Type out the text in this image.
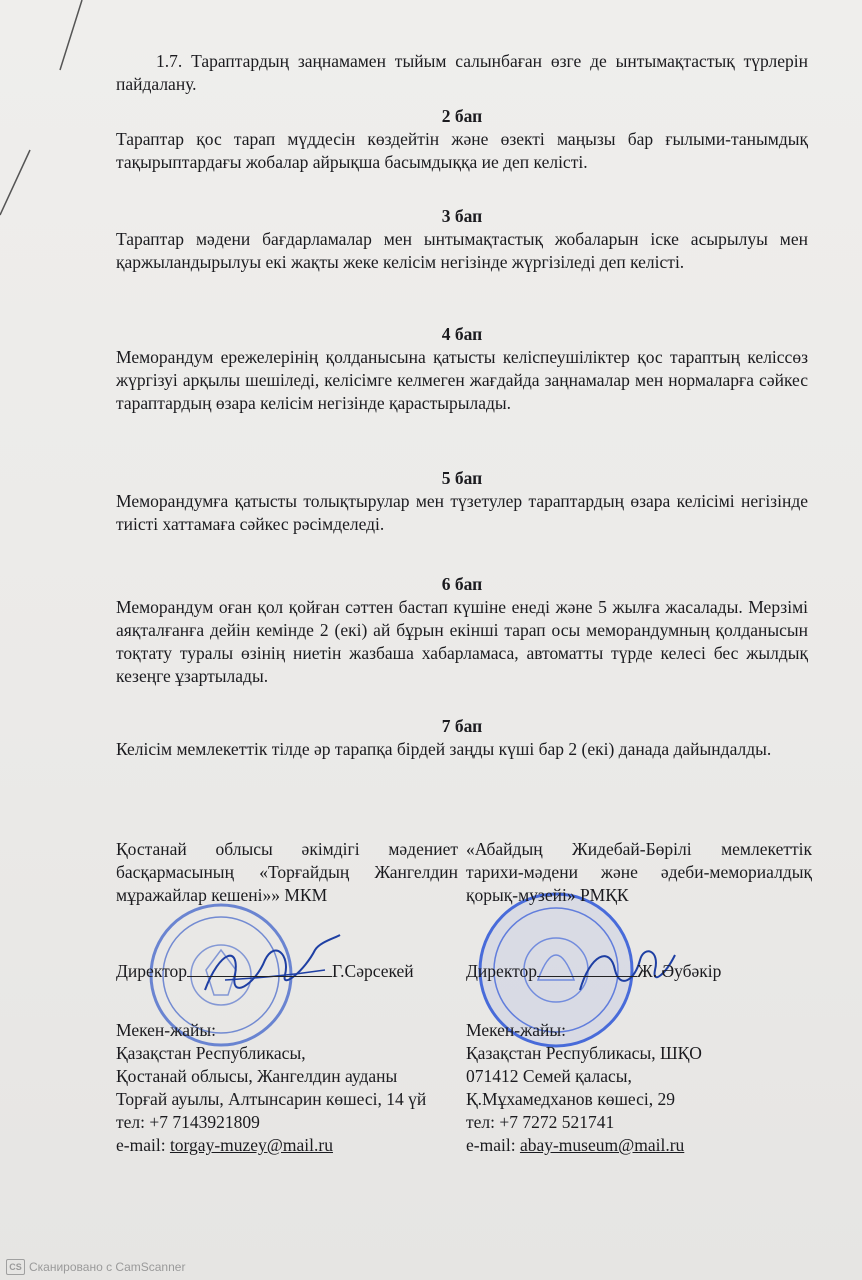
1.7. Тараптардың заңнамамен тыйым салынбаған өзге де ынтымақтастық түрлерін пайдалану.
2 бап
Тараптар қос тарап мүддесін көздейтін және өзекті маңызы бар ғылыми-танымдық тақырыптардағы жобалар айрықша басымдыққа ие деп келісті.
3 бап
Тараптар мәдени бағдарламалар мен ынтымақтастық жобаларын іске асырылуы мен қаржыландырылуы екі жақты жеке келісім негізінде жүргізіледі деп келісті.
4 бап
Меморандум ережелерінің қолданысына қатысты келіспеушіліктер қос тараптың келіссөз жүргізуі арқылы шешіледі, келісімге келмеген жағдайда заңнамалар мен нормаларға сәйкес тараптардың өзара келісім негізінде қарастырылады.
5 бап
Меморандумға қатысты толықтырулар мен түзетулер тараптардың өзара келісімі негізінде тиісті хаттамаға сәйкес рәсімделеді.
6 бап
Меморандум оған қол қойған сәттен бастап күшіне енеді және 5 жылға жасалады. Мерзімі аяқталғанға дейін кемінде 2 (екі) ай бұрын екінші тарап осы меморандумның қолданысын тоқтату туралы өзінің ниетін жазбаша хабарламаса, автоматты түрде келесі бес жылдық кезеңге ұзартылады.
7 бап
Келісім мемлекеттік тілде әр тарапқа бірдей заңды күші бар 2 (екі) данада дайындалды.
Қостанай облысы әкімдігі мәдениет басқармасының «Торғайдың Жангелдин мұражайлар кешені»» МКМ
Директор	Г.Сәрсекей
Мекен-жайы:
Қазақстан Республикасы,
Қостанай облысы, Жангелдин ауданы
Торғай ауылы, Алтынсарин көшесі, 14 үй
тел: +7 7143921809
e-mail: torgay-muzey@mail.ru
«Абайдың Жидебай-Бөрілі мемлекеттік тарихи-мәдени және әдеби-мемориалдық қорық-музейі» РМҚК
Директор	Ж. Әубәкір
Мекен-жайы:
Қазақстан Республикасы, ШҚО
071412 Семей қаласы,
Қ.Мұхамедханов көшесі, 29
тел: +7 7272 521741
e-mail: abay-museum@mail.ru
CS Сканировано с CamScanner
